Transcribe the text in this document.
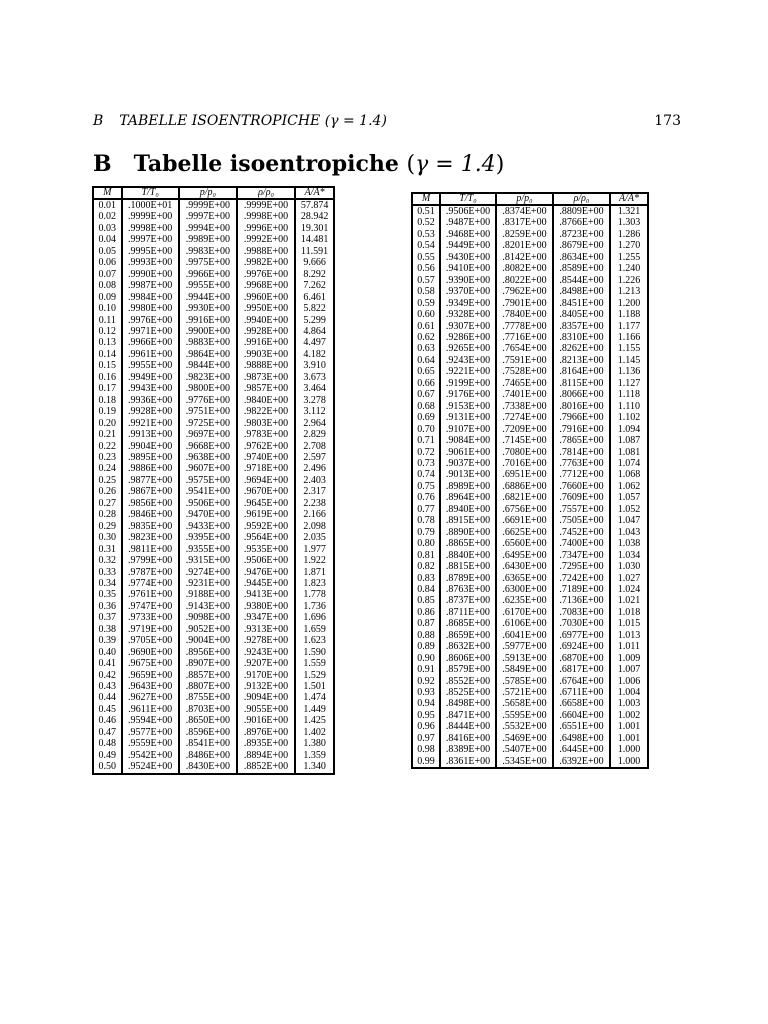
B TABELLE ISOENTROPICHE (γ = 1.4)	173
B Tabelle isoentropiche (γ = 1.4)
M	T/T₀	p/p₀	ρ/ρ₀	A/A*
0.01	.1000E+01	.9999E+00	.9999E+00	57.874
0.02	.9999E+00	.9997E+00	.9998E+00	28.942
0.03	.9998E+00	.9994E+00	.9996E+00	19.301
0.04	.9997E+00	.9989E+00	.9992E+00	14.481
0.05	.9995E+00	.9983E+00	.9988E+00	11.591
0.06	.9993E+00	.9975E+00	.9982E+00	9.666
0.07	.9990E+00	.9966E+00	.9976E+00	8.292
0.08	.9987E+00	.9955E+00	.9968E+00	7.262
0.09	.9984E+00	.9944E+00	.9960E+00	6.461
0.10	.9980E+00	.9930E+00	.9950E+00	5.822
0.11	.9976E+00	.9916E+00	.9940E+00	5.299
0.12	.9971E+00	.9900E+00	.9928E+00	4.864
0.13	.9966E+00	.9883E+00	.9916E+00	4.497
0.14	.9961E+00	.9864E+00	.9903E+00	4.182
0.15	.9955E+00	.9844E+00	.9888E+00	3.910
0.16	.9949E+00	.9823E+00	.9873E+00	3.673
0.17	.9943E+00	.9800E+00	.9857E+00	3.464
0.18	.9936E+00	.9776E+00	.9840E+00	3.278
0.19	.9928E+00	.9751E+00	.9822E+00	3.112
0.20	.9921E+00	.9725E+00	.9803E+00	2.964
0.21	.9913E+00	.9697E+00	.9783E+00	2.829
0.22	.9904E+00	.9668E+00	.9762E+00	2.708
0.23	.9895E+00	.9638E+00	.9740E+00	2.597
0.24	.9886E+00	.9607E+00	.9718E+00	2.496
0.25	.9877E+00	.9575E+00	.9694E+00	2.403
0.26	.9867E+00	.9541E+00	.9670E+00	2.317
0.27	.9856E+00	.9506E+00	.9645E+00	2.238
0.28	.9846E+00	.9470E+00	.9619E+00	2.166
0.29	.9835E+00	.9433E+00	.9592E+00	2.098
0.30	.9823E+00	.9395E+00	.9564E+00	2.035
0.31	.9811E+00	.9355E+00	.9535E+00	1.977
0.32	.9799E+00	.9315E+00	.9506E+00	1.922
0.33	.9787E+00	.9274E+00	.9476E+00	1.871
0.34	.9774E+00	.9231E+00	.9445E+00	1.823
0.35	.9761E+00	.9188E+00	.9413E+00	1.778
0.36	.9747E+00	.9143E+00	.9380E+00	1.736
0.37	.9733E+00	.9098E+00	.9347E+00	1.696
0.38	.9719E+00	.9052E+00	.9313E+00	1.659
0.39	.9705E+00	.9004E+00	.9278E+00	1.623
0.40	.9690E+00	.8956E+00	.9243E+00	1.590
0.41	.9675E+00	.8907E+00	.9207E+00	1.559
0.42	.9659E+00	.8857E+00	.9170E+00	1.529
0.43	.9643E+00	.8807E+00	.9132E+00	1.501
0.44	.9627E+00	.8755E+00	.9094E+00	1.474
0.45	.9611E+00	.8703E+00	.9055E+00	1.449
0.46	.9594E+00	.8650E+00	.9016E+00	1.425
0.47	.9577E+00	.8596E+00	.8976E+00	1.402
0.48	.9559E+00	.8541E+00	.8935E+00	1.380
0.49	.9542E+00	.8486E+00	.8894E+00	1.359
0.50	.9524E+00	.8430E+00	.8852E+00	1.340
M	T/T₀	p/p₀	ρ/ρ₀	A/A*
0.51	.9506E+00	.8374E+00	.8809E+00	1.321
0.52	.9487E+00	.8317E+00	.8766E+00	1.303
0.53	.9468E+00	.8259E+00	.8723E+00	1.286
0.54	.9449E+00	.8201E+00	.8679E+00	1.270
0.55	.9430E+00	.8142E+00	.8634E+00	1.255
0.56	.9410E+00	.8082E+00	.8589E+00	1.240
0.57	.9390E+00	.8022E+00	.8544E+00	1.226
0.58	.9370E+00	.7962E+00	.8498E+00	1.213
0.59	.9349E+00	.7901E+00	.8451E+00	1.200
0.60	.9328E+00	.7840E+00	.8405E+00	1.188
0.61	.9307E+00	.7778E+00	.8357E+00	1.177
0.62	.9286E+00	.7716E+00	.8310E+00	1.166
0.63	.9265E+00	.7654E+00	.8262E+00	1.155
0.64	.9243E+00	.7591E+00	.8213E+00	1.145
0.65	.9221E+00	.7528E+00	.8164E+00	1.136
0.66	.9199E+00	.7465E+00	.8115E+00	1.127
0.67	.9176E+00	.7401E+00	.8066E+00	1.118
0.68	.9153E+00	.7338E+00	.8016E+00	1.110
0.69	.9131E+00	.7274E+00	.7966E+00	1.102
0.70	.9107E+00	.7209E+00	.7916E+00	1.094
0.71	.9084E+00	.7145E+00	.7865E+00	1.087
0.72	.9061E+00	.7080E+00	.7814E+00	1.081
0.73	.9037E+00	.7016E+00	.7763E+00	1.074
0.74	.9013E+00	.6951E+00	.7712E+00	1.068
0.75	.8989E+00	.6886E+00	.7660E+00	1.062
0.76	.8964E+00	.6821E+00	.7609E+00	1.057
0.77	.8940E+00	.6756E+00	.7557E+00	1.052
0.78	.8915E+00	.6691E+00	.7505E+00	1.047
0.79	.8890E+00	.6625E+00	.7452E+00	1.043
0.80	.8865E+00	.6560E+00	.7400E+00	1.038
0.81	.8840E+00	.6495E+00	.7347E+00	1.034
0.82	.8815E+00	.6430E+00	.7295E+00	1.030
0.83	.8789E+00	.6365E+00	.7242E+00	1.027
0.84	.8763E+00	.6300E+00	.7189E+00	1.024
0.85	.8737E+00	.6235E+00	.7136E+00	1.021
0.86	.8711E+00	.6170E+00	.7083E+00	1.018
0.87	.8685E+00	.6106E+00	.7030E+00	1.015
0.88	.8659E+00	.6041E+00	.6977E+00	1.013
0.89	.8632E+00	.5977E+00	.6924E+00	1.011
0.90	.8606E+00	.5913E+00	.6870E+00	1.009
0.91	.8579E+00	.5849E+00	.6817E+00	1.007
0.92	.8552E+00	.5785E+00	.6764E+00	1.006
0.93	.8525E+00	.5721E+00	.6711E+00	1.004
0.94	.8498E+00	.5658E+00	.6658E+00	1.003
0.95	.8471E+00	.5595E+00	.6604E+00	1.002
0.96	.8444E+00	.5532E+00	.6551E+00	1.001
0.97	.8416E+00	.5469E+00	.6498E+00	1.001
0.98	.8389E+00	.5407E+00	.6445E+00	1.000
0.99	.8361E+00	.5345E+00	.6392E+00	1.000
